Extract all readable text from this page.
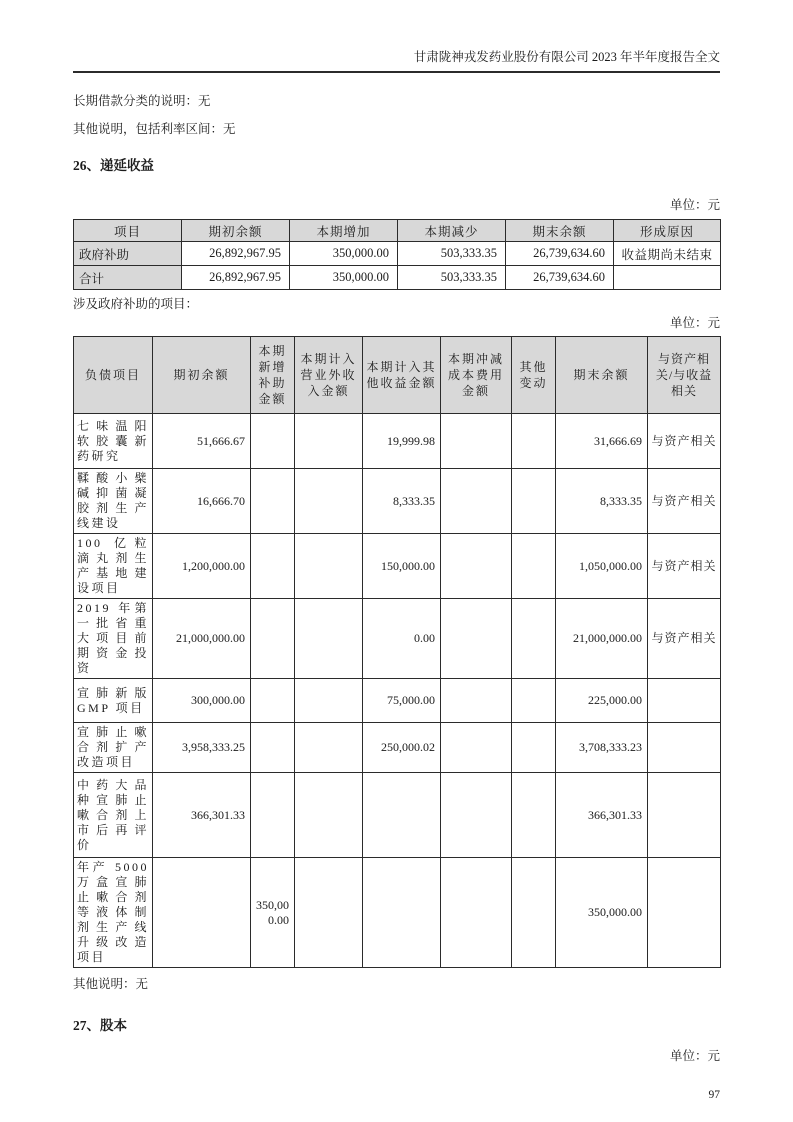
甘肃陇神戎发药业股份有限公司 2023 年半年度报告全文

长期借款分类的说明：无

其他说明，包括利率区间：无

26、递延收益
单位：元
项目	期初余额	本期增加	本期减少	期末余额	形成原因
政府补助	26,892,967.95	350,000.00	503,333.35	26,739,634.60	收益期尚未结束
合计	26,892,967.95	350,000.00	503,333.35	26,739,634.60	

涉及政府补助的项目：

单位：元
负债项目	期初余额	本期新增补助金额	本期计入营业外收入金额	本期计入其他收益金额	本期冲减成本费用金额	其他变动	期末余额	与资产相关/与收益相关
七味温阳软胶囊新药研究	51,666.67			19,999.98			31,666.69	与资产相关
鞣酸小檗碱抑菌凝胶剂生产线建设	16,666.70			8,333.35			8,333.35	与资产相关
100 亿粒滴丸剂生产基地建设项目	1,200,000.00			150,000.00			1,050,000.00	与资产相关
2019 年第一批省重大项目前期资金投资	21,000,000.00			0.00			21,000,000.00	与资产相关
宣肺新版 GMP 项目	300,000.00			75,000.00			225,000.00	
宣肺止嗽合剂扩产改造项目	3,958,333.25			250,000.02			3,708,333.23	
中药大品种宣肺止嗽合剂上市后再评价	366,301.33						366,301.33	
年产 5000 万盒宣肺止嗽合剂等液体制剂生产线升级改造项目		350,000.00					350,000.00	

其他说明：无

27、股本
单位：元
97
